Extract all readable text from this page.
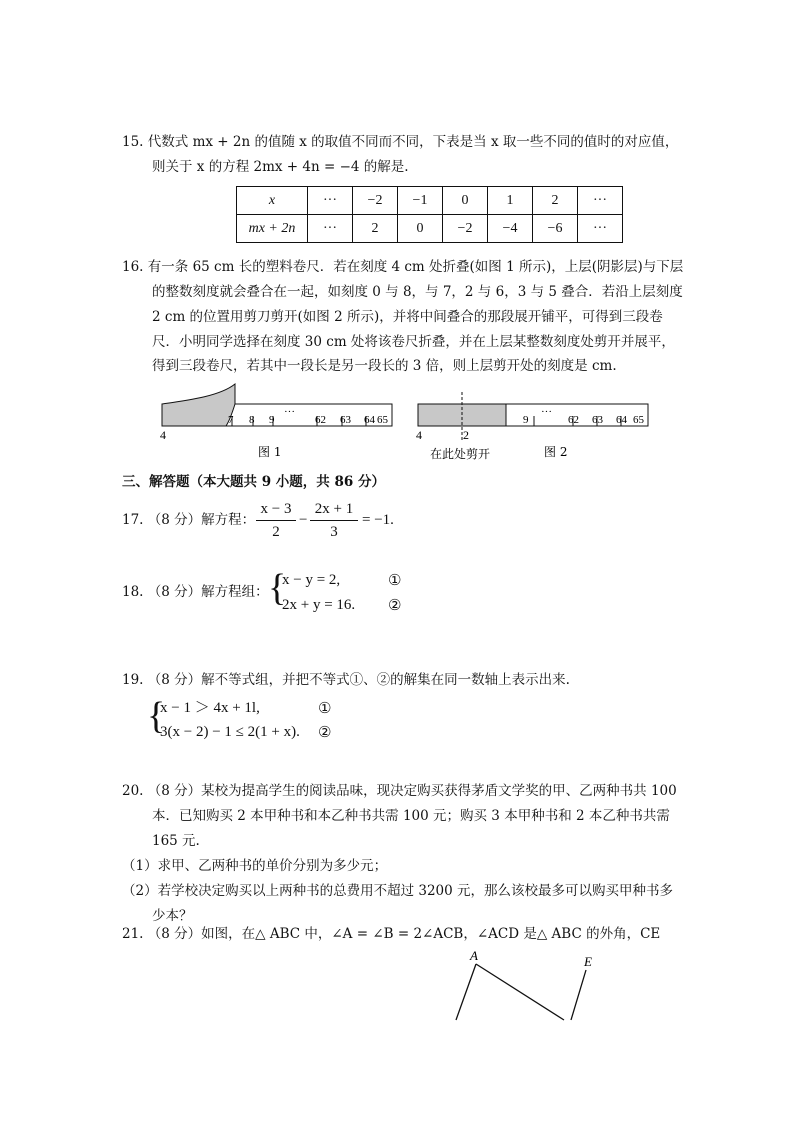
15. 代数式 mx + 2n 的值随 x 的取值不同而不同，下表是当 x 取一些不同的值时的对应值，
则关于 x 的方程 2mx + 4n = −4 的解是.
x	···	−2	−1	0	1	2	···
mx + 2n	···	2	0	−2	−4	−6	···
16. 有一条 65 cm 长的塑料卷尺．若在刻度 4 cm 处折叠(如图 1 所示)，上层(阴影层)与下层
的整数刻度就会叠合在一起，如刻度 0 与 8，与 7，2 与 6，3 与 5 叠合．若沿上层刻度
2 cm 的位置用剪刀剪开(如图 2 所示)，并将中间叠合的那段展开铺平，可得到三段卷
尺．小明同学选择在刻度 30 cm 处将该卷尺折叠，并在上层某整数刻度处剪开并展平，
得到三段卷尺，若其中一段长是另一段长的 3 倍，则上层剪开处的刻度是 cm.
7 8 9
···
62 63 64 65
4
图 1
9
···
62 63 64 65
4	2
在此处剪开	图 2
三、解答题（本大题共 9 小题，共 86 分）
17. （8 分）解方程：
x − 3
2
−
2x + 1
3
= −1.
18. （8 分）解方程组： {
x − y = 2,
2x + y = 16.
①
②
19. （8 分）解不等式组，并把不等式①、②的解集在同一数轴上表示出来.
{
x − 1 ＞ 4x + 1l,
3(x − 2) − 1 ≤ 2(1 + x).
①
②
20. （8 分）某校为提高学生的阅读品味，现决定购买获得茅盾文学奖的甲、乙两种书共 100
本．已知购买 2 本甲种书和本乙种书共需 100 元；购买 3 本甲种书和 2 本乙种书共需
165 元.
（1）求甲、乙两种书的单价分别为多少元；
（2）若学校决定购买以上两种书的总费用不超过 3200 元，那么该校最多可以购买甲种书多
少本？
21. （8 分）如图，在△ ABC 中，∠A = ∠B = 2∠ACB，∠ACD 是△ ABC 的外角，CE
A	E
